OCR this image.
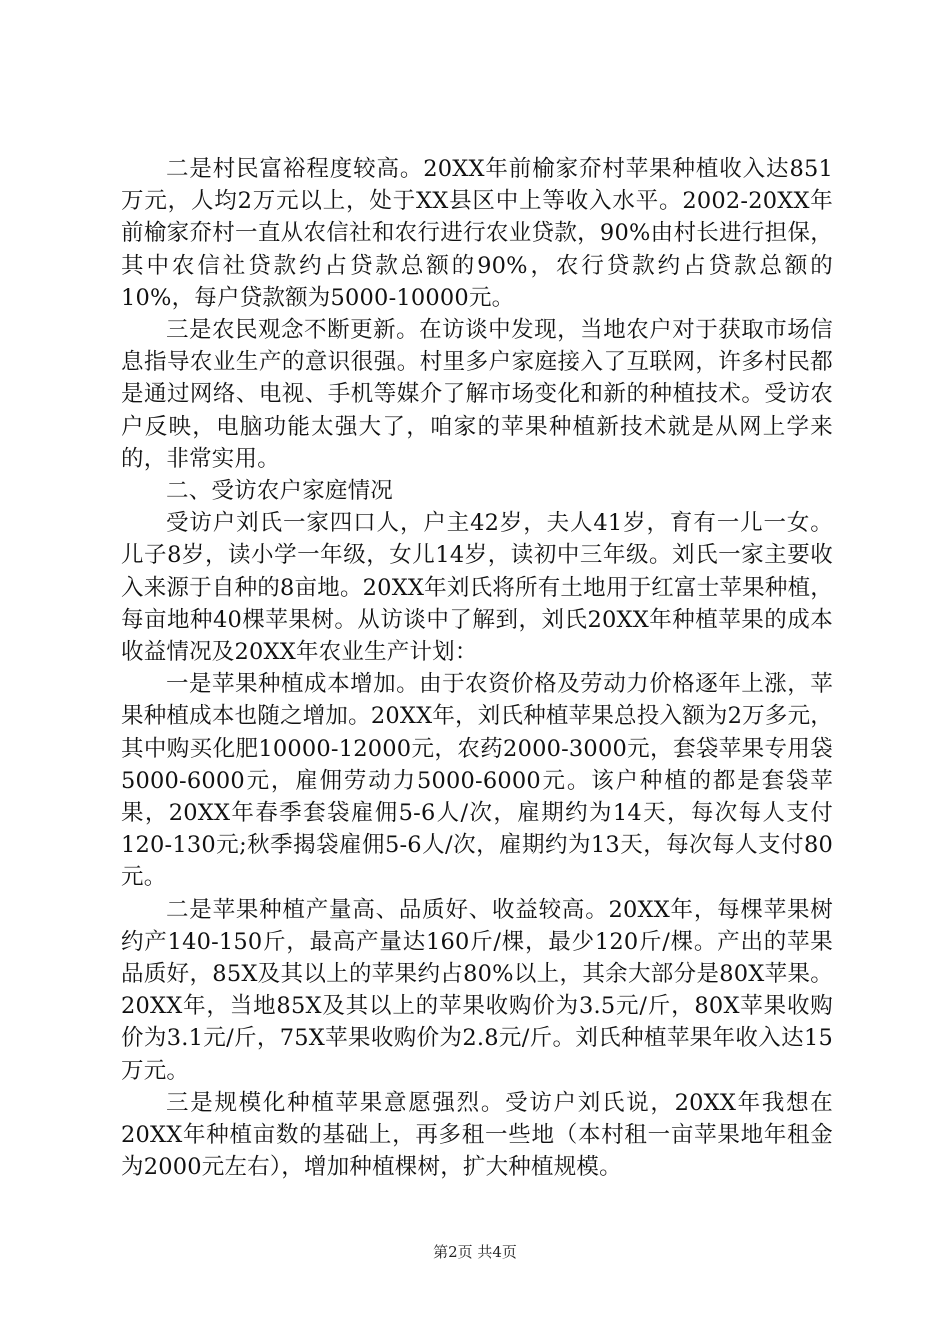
二是村民富裕程度较高。20XX年前榆家夼村苹果种植收入达851万元，人均2万元以上，处于XX县区中上等收入水平。2002-20XX年前榆家夼村一直从农信社和农行进行农业贷款，90%由村长进行担保，其中农信社贷款约占贷款总额的90%，农行贷款约占贷款总额的10%，每户贷款额为5000-10000元。

三是农民观念不断更新。在访谈中发现，当地农户对于获取市场信息指导农业生产的意识很强。村里多户家庭接入了互联网，许多村民都是通过网络、电视、手机等媒介了解市场变化和新的种植技术。受访农户反映，电脑功能太强大了，咱家的苹果种植新技术就是从网上学来的，非常实用。

二、受访农户家庭情况

受访户刘氏一家四口人，户主42岁，夫人41岁，育有一儿一女。儿子8岁，读小学一年级，女儿14岁，读初中三年级。刘氏一家主要收入来源于自种的8亩地。20XX年刘氏将所有土地用于红富士苹果种植，每亩地种40棵苹果树。从访谈中了解到，刘氏20XX年种植苹果的成本收益情况及20XX年农业生产计划：

一是苹果种植成本增加。由于农资价格及劳动力价格逐年上涨，苹果种植成本也随之增加。20XX年，刘氏种植苹果总投入额为2万多元，其中购买化肥10000-12000元，农药2000-3000元，套袋苹果专用袋5000-6000元，雇佣劳动力5000-6000元。该户种植的都是套袋苹果，20XX年春季套袋雇佣5-6人/次，雇期约为14天，每次每人支付120-130元;秋季揭袋雇佣5-6人/次，雇期约为13天，每次每人支付80元。

二是苹果种植产量高、品质好、收益较高。20XX年，每棵苹果树约产140-150斤，最高产量达160斤/棵，最少120斤/棵。产出的苹果品质好，85X及其以上的苹果约占80%以上，其余大部分是80X苹果。20XX年，当地85X及其以上的苹果收购价为3.5元/斤，80X苹果收购价为3.1元/斤，75X苹果收购价为2.8元/斤。刘氏种植苹果年收入达15万元。

三是规模化种植苹果意愿强烈。受访户刘氏说，20XX年我想在20XX年种植亩数的基础上，再多租一些地（本村租一亩苹果地年租金为2000元左右），增加种植棵树，扩大种植规模。

第2页 共4页
